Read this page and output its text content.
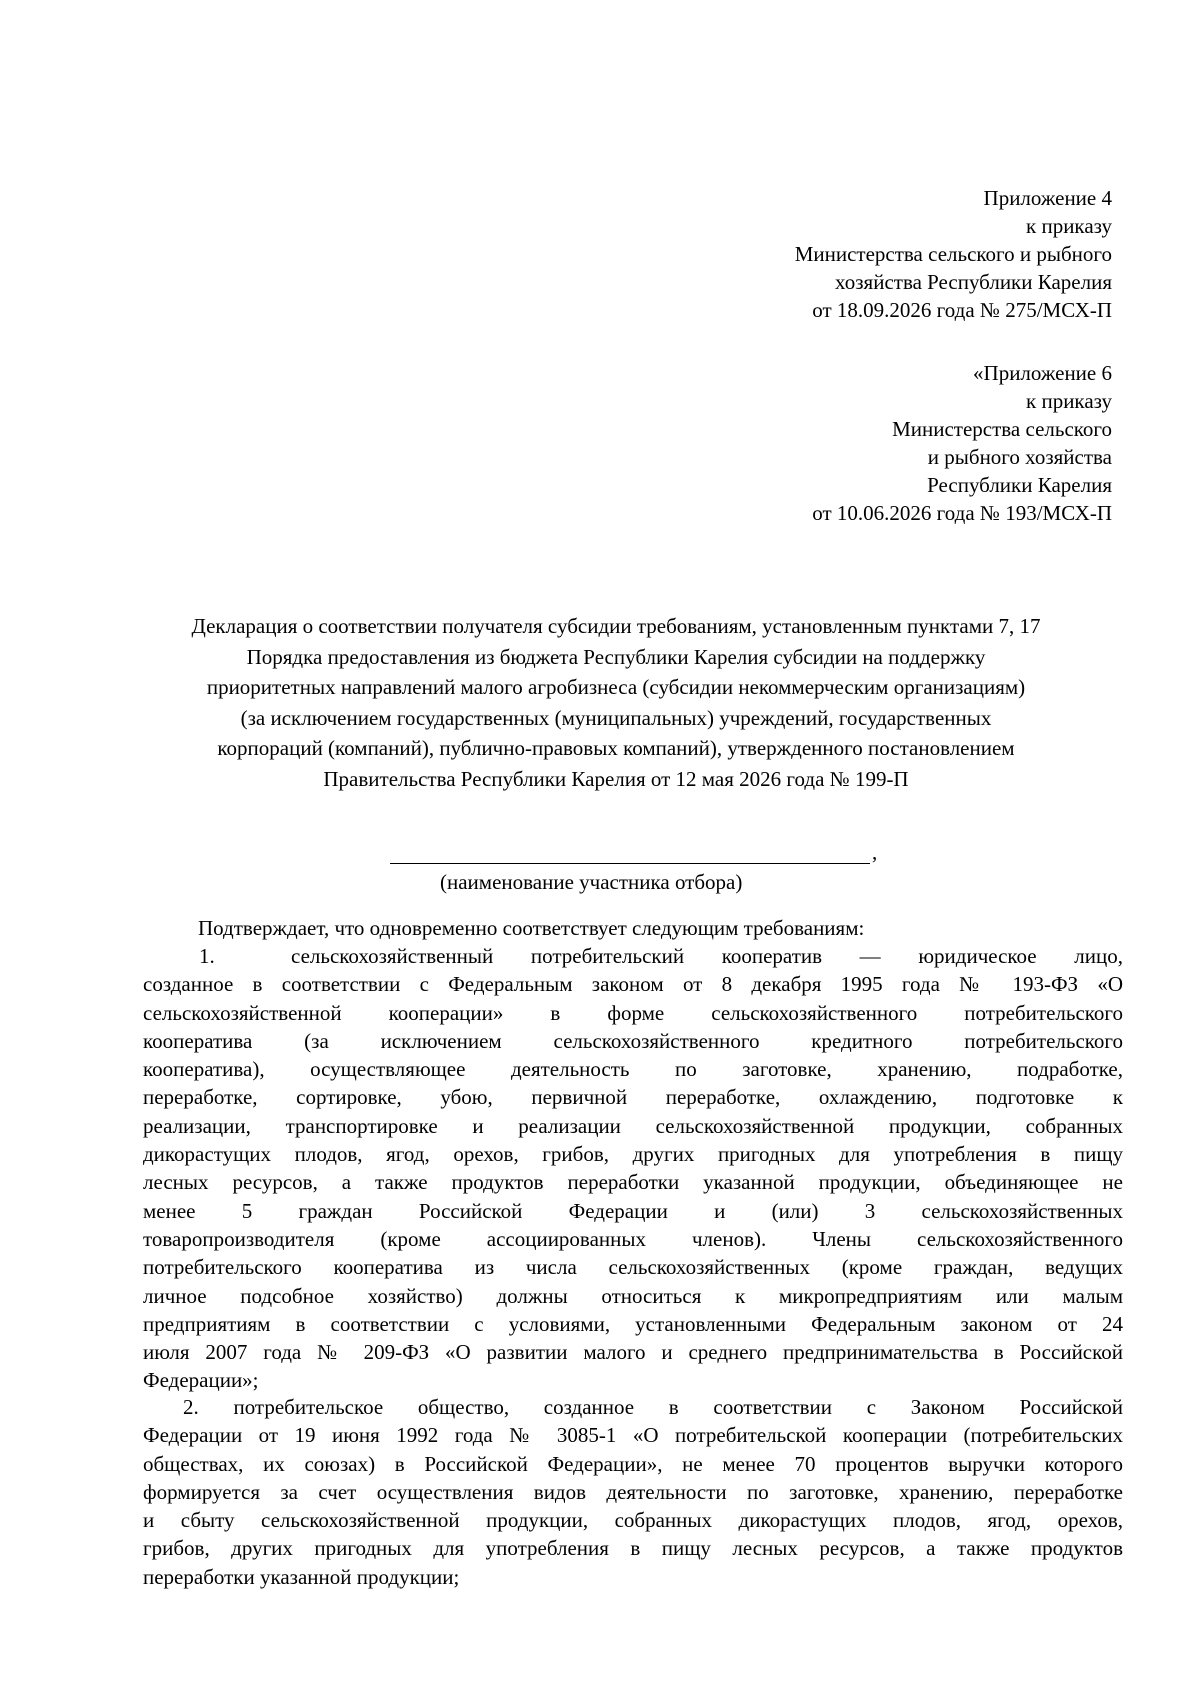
Приложение 4
к приказу
Министерства сельского и рыбного
хозяйства Республики Карелия
от 18.09.2026 года № 275/МСХ-П
«Приложение 6
к приказу
Министерства сельского
и рыбного хозяйства
Республики Карелия
от 10.06.2026 года № 193/МСХ-П
Декларация о соответствии получателя субсидии требованиям, установленным пунктами 7, 17
Порядка предоставления из бюджета Республики Карелия субсидии на поддержку
приоритетных направлений малого агробизнеса (субсидии некоммерческим организациям)
(за исключением государственных (муниципальных) учреждений, государственных
корпораций (компаний), публично-правовых компаний), утвержденного постановлением
Правительства Республики Карелия от 12 мая 2026 года № 199-П
,
(наименование участника отбора)
Подтверждает, что одновременно соответствует следующим требованиям:
1.	сельскохозяйственный потребительский кооператив — юридическое лицо,
созданное в соответствии с Федеральным законом от 8 декабря 1995 года № 193-ФЗ «О
сельскохозяйственной кооперации» в форме сельскохозяйственного потребительского
кооператива (за исключением сельскохозяйственного кредитного потребительского
кооператива), осуществляющее деятельность по заготовке, хранению, подработке,
переработке, сортировке, убою, первичной переработке, охлаждению, подготовке к
реализации, транспортировке и реализации сельскохозяйственной продукции, собранных
дикорастущих плодов, ягод, орехов, грибов, других пригодных для употребления в пищу
лесных ресурсов, а также продуктов переработки указанной продукции, объединяющее не
менее 5 граждан Российской Федерации и (или) 3 сельскохозяйственных
товаропроизводителя (кроме ассоциированных членов). Члены сельскохозяйственного
потребительского кооператива из числа сельскохозяйственных (кроме граждан, ведущих
личное подсобное хозяйство) должны относиться к микропредприятиям или малым
предприятиям в соответствии с условиями, установленными Федеральным законом от 24
июля 2007 года № 209-ФЗ «О развитии малого и среднего предпринимательства в Российской
Федерации»;
2. потребительское общество, созданное в соответствии с Законом Российской
Федерации от 19 июня 1992 года № 3085-1 «О потребительской кооперации (потребительских
обществах, их союзах) в Российской Федерации», не менее 70 процентов выручки которого
формируется за счет осуществления видов деятельности по заготовке, хранению, переработке
и сбыту сельскохозяйственной продукции, собранных дикорастущих плодов, ягод, орехов,
грибов, других пригодных для употребления в пищу лесных ресурсов, а также продуктов
переработки указанной продукции;
